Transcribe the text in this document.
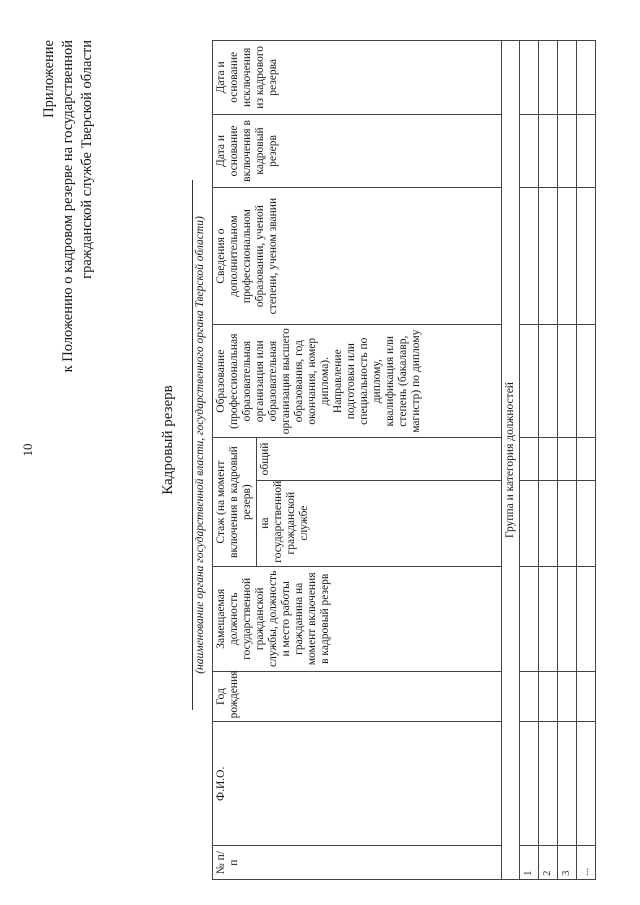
10
Приложение к Положению о кадровом резерве на государственной гражданской службе Тверской области
Кадровый резерв (наименование органа государственной власти, государственного органа Тверской области)
№ п/п	Ф.И.О.	Год рождения	Замещаемая должность государственной гражданской службы, должность и место работы гражданина на момент включения в кадровый резерв	Стаж (на момент включения в кадровый резерв)		Образование (профессиональная образовательная организация или образовательная организация высшего образования, год окончания, номер диплома). Направление подготовки или специальность по диплому, квалификация или степень (бакалавр, магистр) по диплому	Сведения о дополнительном профессиональном образовании, ученой степени, ученом звании	Дата и основание включения в кадровый резерв	Дата и основание исключения из кадрового резерва
				на государственной гражданской службе	общий				
Группа и категория должностей									
1									
2									
3									
...									
